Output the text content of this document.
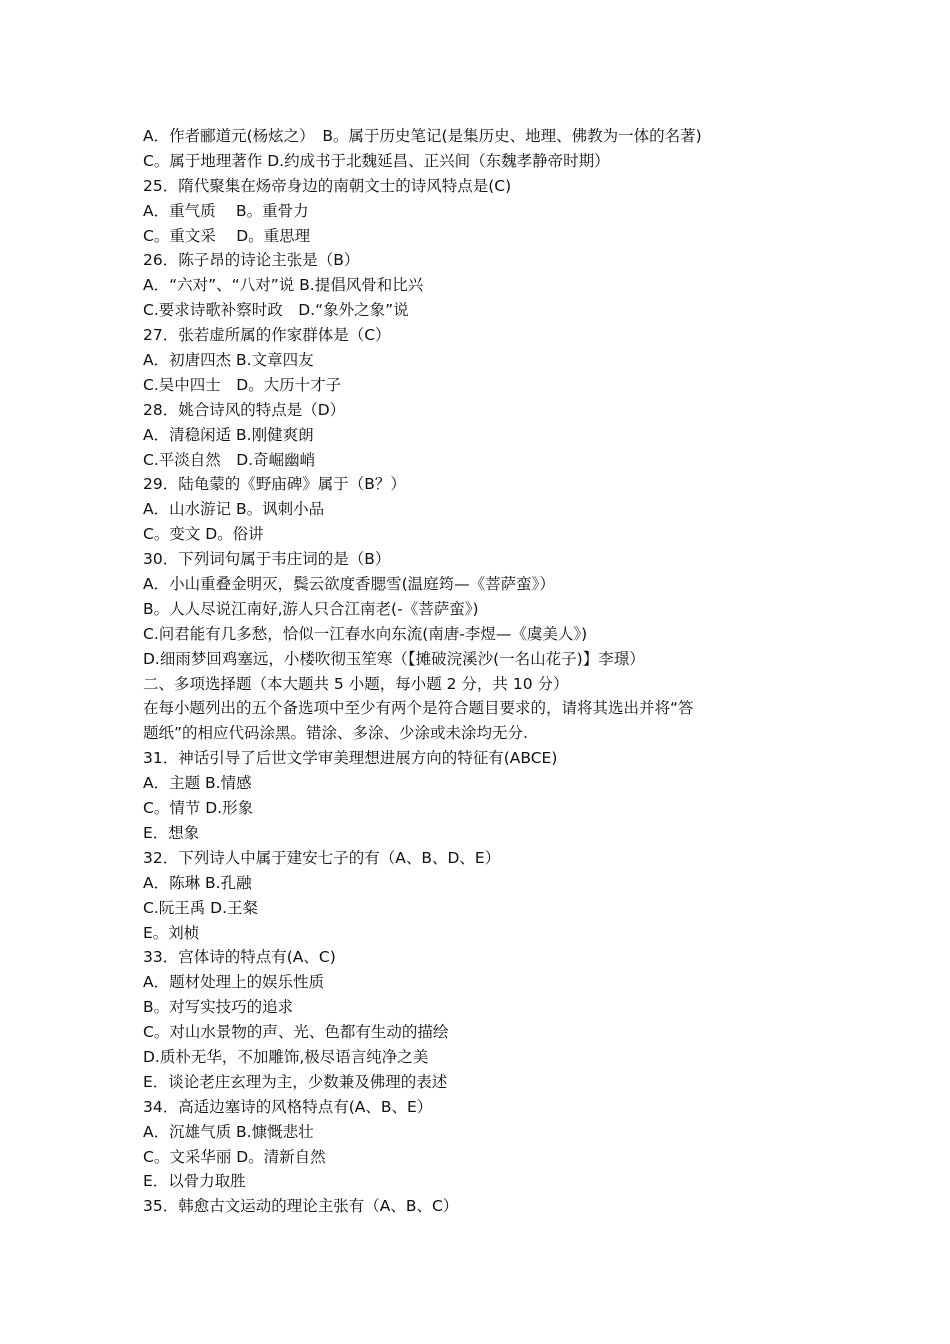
A．作者郦道元(杨炫之）　B。属于历史笔记(是集历史、地理、佛教为一体的名著)
C。属于地理著作 D.约成书于北魏延昌、正兴间（东魏孝静帝时期）
25．隋代聚集在炀帝身边的南朝文士的诗风特点是(C)
A．重气质　 B。重骨力
C。重文采　 D。重思理
26．陈子昂的诗论主张是（B）
A．“六对”、“八对”说 B.提倡风骨和比兴
C.要求诗歌补察时政　D.“象外之象”说
27．张若虚所属的作家群体是（C）
A．初唐四杰 B.文章四友
C.吴中四士　D。大历十才子
28．姚合诗风的特点是（D）
A．清稳闲适 B.刚健爽朗
C.平淡自然　D.奇崛幽峭
29．陆龟蒙的《野庙碑》属于（B？）
A．山水游记 B。讽刺小品
C。变文 D。俗讲
30．下列词句属于韦庄词的是（B）
A．小山重叠金明灭，鬓云欲度香腮雪(温庭筠—《菩萨蛮》）
B。人人尽说江南好,游人只合江南老(-《菩萨蛮》)
C.问君能有几多愁，恰似一江春水向东流(南唐-李煜—《虞美人》)
D.细雨梦回鸡塞远，小楼吹彻玉笙寒（【摊破浣溪沙(一名山花子)】李璟）
二、多项选择题（本大题共 5 小题，每小题 2 分，共 10 分）
在每小题列出的五个备选项中至少有两个是符合题目要求的，请将其选出并将“答
题纸”的相应代码涂黑。错涂、多涂、少涂或未涂均无分.
31．神话引导了后世文学审美理想进展方向的特征有(ABCE)
A．主题 B.情感
C。情节 D.形象
E．想象
32．下列诗人中属于建安七子的有（A、B、D、E）
A．陈琳 B.孔融
C.阮王禹 D.王粲
E。刘桢
33．宫体诗的特点有(A、C)
A．题材处理上的娱乐性质
B。对写实技巧的追求
C。对山水景物的声、光、色都有生动的描绘
D.质朴无华，不加雕饰,极尽语言纯净之美
E．谈论老庄玄理为主，少数兼及佛理的表述
34．高适边塞诗的风格特点有(A、B、E）
A．沉雄气质 B.慷慨悲壮
C。文采华丽 D。清新自然
E．以骨力取胜
35．韩愈古文运动的理论主张有（A、B、C）
